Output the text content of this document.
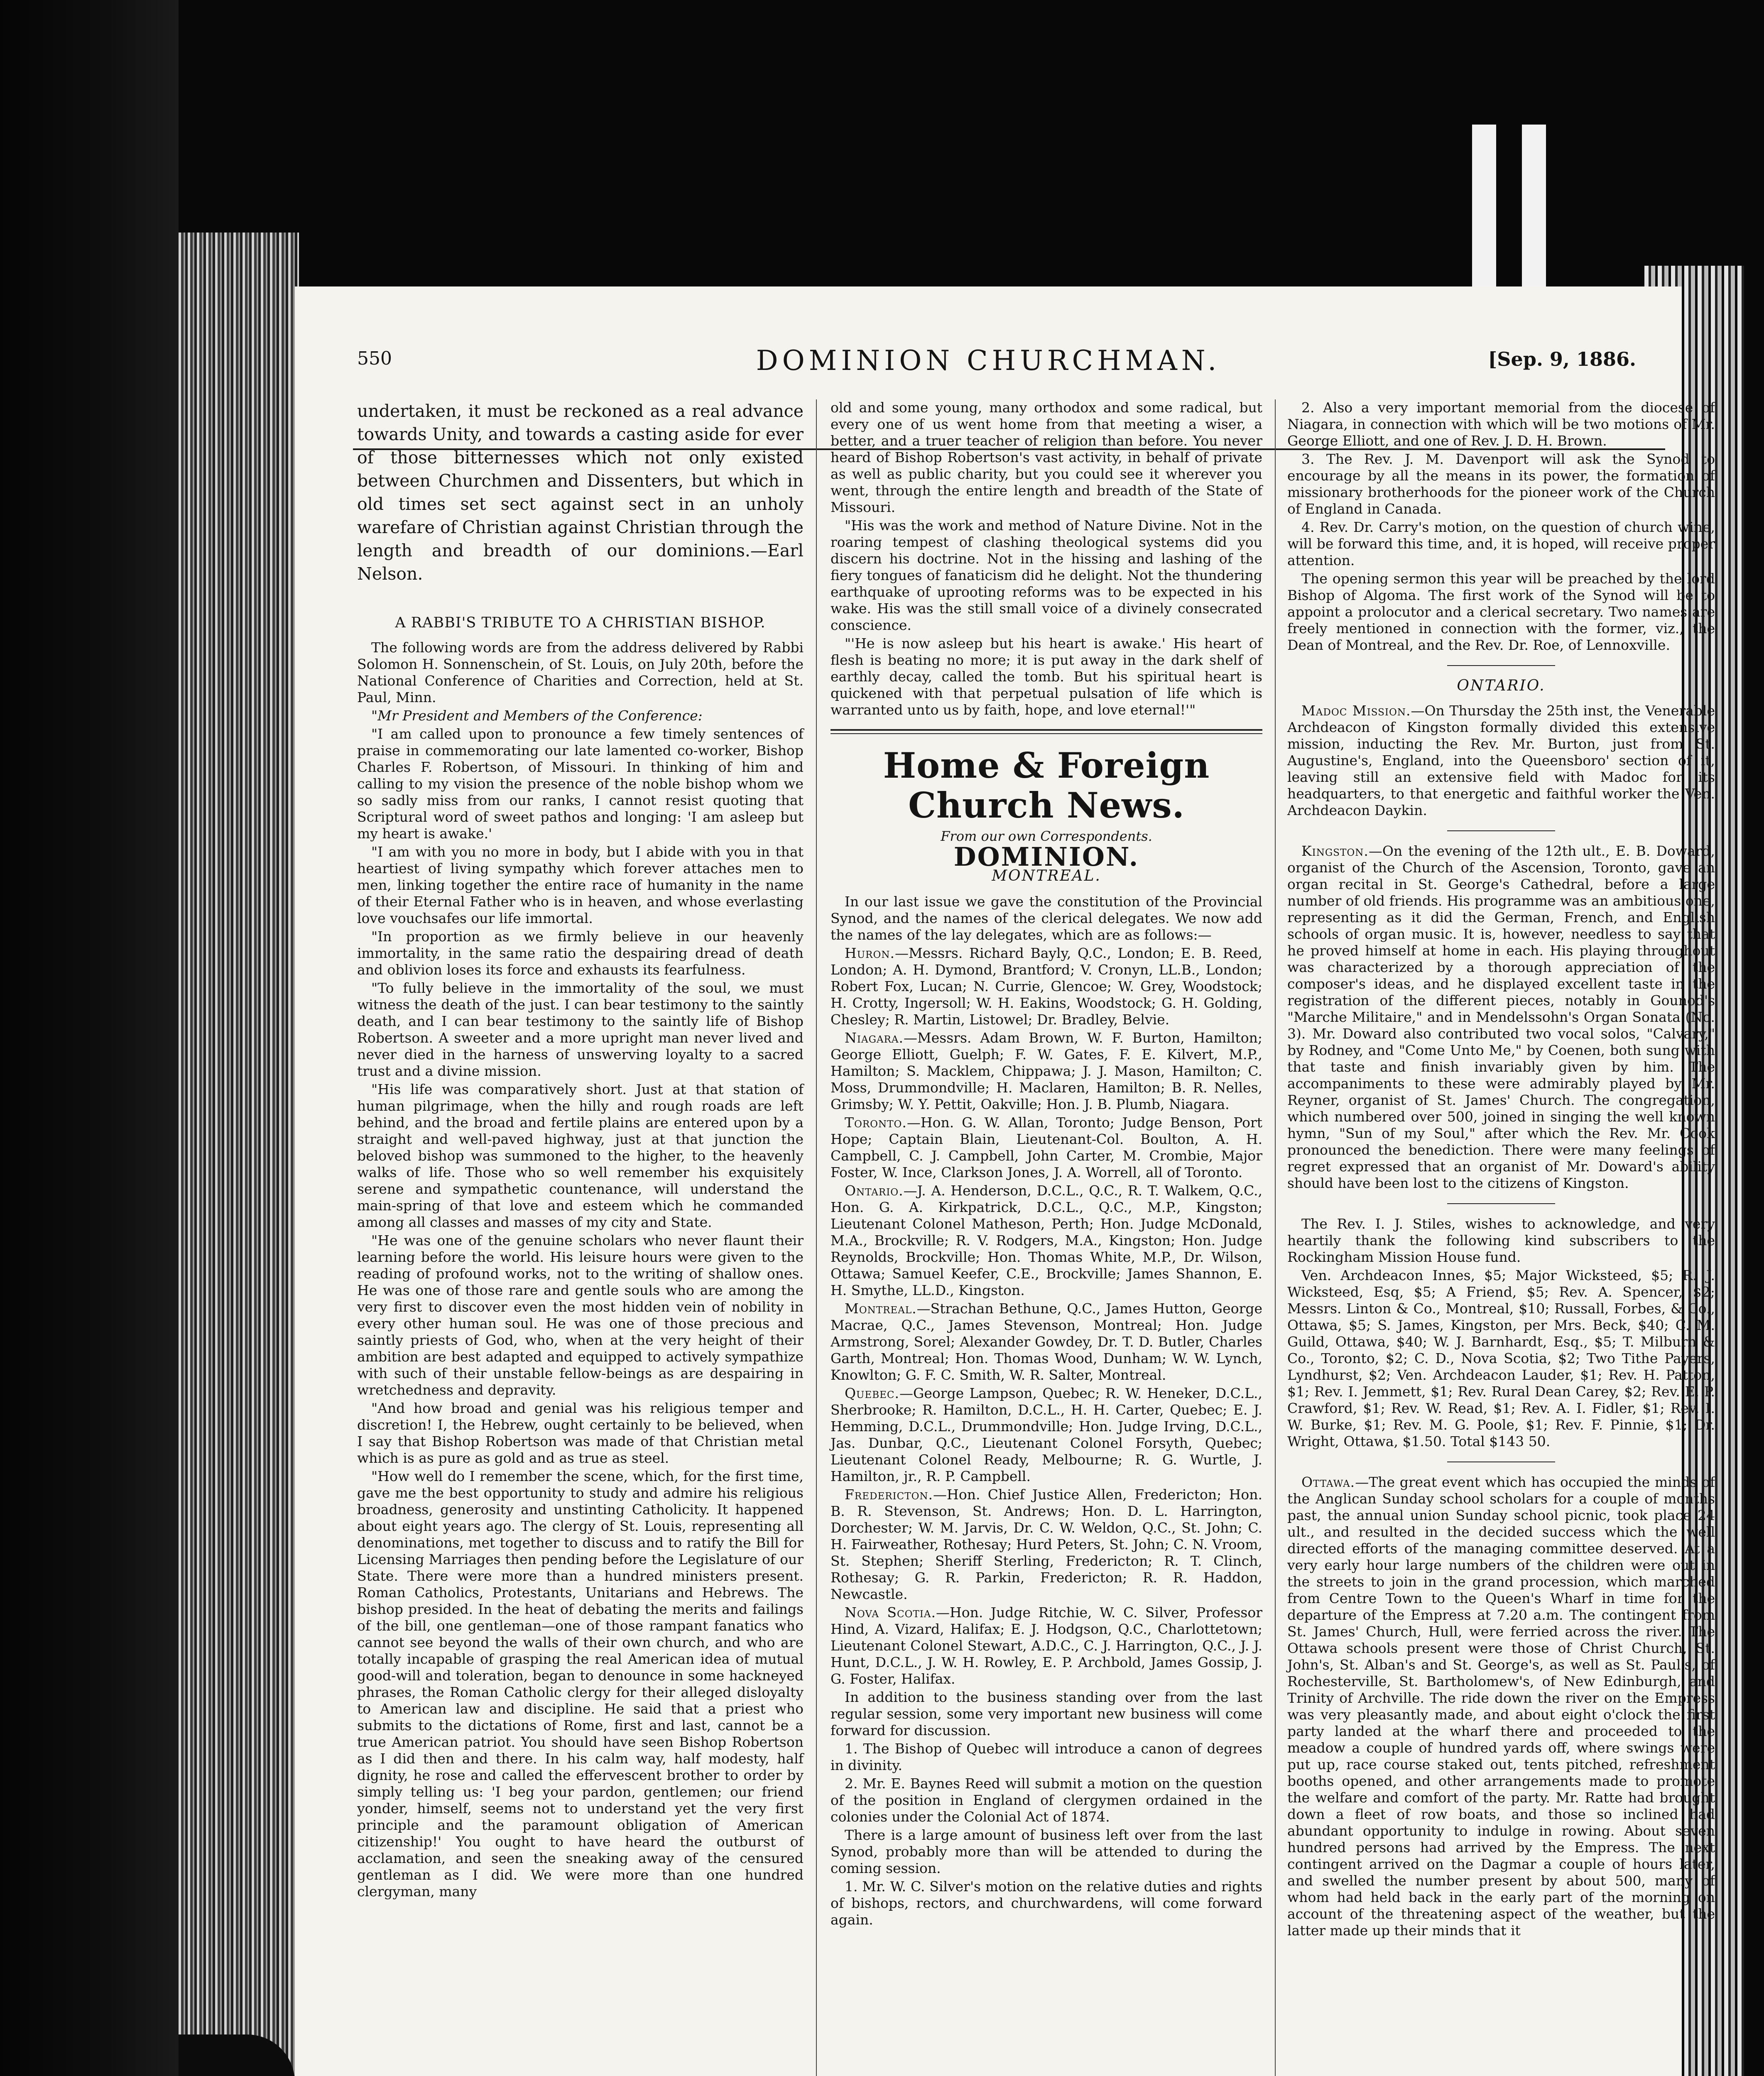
550	DOMINION CHURCHMAN.	[Sep. 9, 1886.

undertaken, it must be reckoned as a real advance towards Unity, and towards a casting aside for ever of those bitternesses which not only existed between Churchmen and Dissenters, but which in old times set sect against sect in an unholy warefare of Christian against Christian through the length and breadth of our dominions.—Earl Nelson.

A RABBI'S TRIBUTE TO A CHRISTIAN BISHOP.

The following words are from the address delivered by Rabbi Solomon H. Sonnenschein, of St. Louis, on July 20th, before the National Conference of Charities and Correction, held at St. Paul, Minn.

"Mr President and Members of the Conference:

"I am called upon to pronounce a few timely sentences of praise in commemorating our late lamented co-worker, Bishop Charles F. Robertson, of Missouri. In thinking of him and calling to my vision the presence of the noble bishop whom we so sadly miss from our ranks, I cannot resist quoting that Scriptural word of sweet pathos and longing: 'I am asleep but my heart is awake.'

"I am with you no more in body, but I abide with you in that heartiest of living sympathy which forever attaches men to men, linking together the entire race of humanity in the name of their Eternal Father who is in heaven, and whose everlasting love vouchsafes our life immortal.

"In proportion as we firmly believe in our heavenly immortality, in the same ratio the despairing dread of death and oblivion loses its force and exhausts its fearfulness.

"To fully believe in the immortality of the soul, we must witness the death of the just. I can bear testimony to the saintly death, and I can bear testimony to the saintly life of Bishop Robertson. A sweeter and a more upright man never lived and never died in the harness of unswerving loyalty to a sacred trust and a divine mission.

"His life was comparatively short. Just at that station of human pilgrimage, when the hilly and rough roads are left behind, and the broad and fertile plains are entered upon by a straight and well-paved highway, just at that junction the beloved bishop was summoned to the higher, to the heavenly walks of life. Those who so well remember his exquisitely serene and sympathetic countenance, will understand the main-spring of that love and esteem which he commanded among all classes and masses of my city and State.

"He was one of the genuine scholars who never flaunt their learning before the world. His leisure hours were given to the reading of profound works, not to the writing of shallow ones. He was one of those rare and gentle souls who are among the very first to discover even the most hidden vein of nobility in every other human soul. He was one of those precious and saintly priests of God, who, when at the very height of their ambition are best adapted and equipped to actively sympathize with such of their unstable fellow-beings as are despairing in wretchedness and depravity.

"And how broad and genial was his religious temper and discretion! I, the Hebrew, ought certainly to be believed, when I say that Bishop Robertson was made of that Christian metal which is as pure as gold and as true as steel.

"How well do I remember the scene, which, for the first time, gave me the best opportunity to study and admire his religious broadness, generosity and unstinting Catholicity. It happened about eight years ago. The clergy of St. Louis, representing all denominations, met together to discuss and to ratify the Bill for Licensing Marriages then pending before the Legislature of our State. There were more than a hundred ministers present. Roman Catholics, Protestants, Unitarians and Hebrews. The bishop presided. In the heat of debating the merits and failings of the bill, one gentleman—one of those rampant fanatics who cannot see beyond the walls of their own church, and who are totally incapable of grasping the real American idea of mutual good-will and toleration, began to denounce in some hackneyed phrases, the Roman Catholic clergy for their alleged disloyalty to American law and discipline. He said that a priest who submits to the dictations of Rome, first and last, cannot be a true American patriot. You should have seen Bishop Robertson as I did then and there. In his calm way, half modesty, half dignity, he rose and called the effervescent brother to order by simply telling us: 'I beg your pardon, gentlemen; our friend yonder, himself, seems not to understand yet the very first principle and the paramount obligation of American citizenship!' You ought to have heard the outburst of acclamation, and seen the sneaking away of the censured gentleman as I did. We were more than one hundred clergyman, many

old and some young, many orthodox and some radical, but every one of us went home from that meeting a wiser, a better, and a truer teacher of religion than before. You never heard of Bishop Robertson's vast activity, in behalf of private as well as public charity, but you could see it wherever you went, through the entire length and breadth of the State of Missouri.

"His was the work and method of Nature Divine. Not in the roaring tempest of clashing theological systems did you discern his doctrine. Not in the hissing and lashing of the fiery tongues of fanaticism did he delight. Not the thundering earthquake of uprooting reforms was to be expected in his wake. His was the still small voice of a divinely consecrated conscience.

"'He is now asleep but his heart is awake.' His heart of flesh is beating no more; it is put away in the dark shelf of earthly decay, called the tomb. But his spiritual heart is quickened with that perpetual pulsation of life which is warranted unto us by faith, hope, and love eternal!'"

Home & Foreign Church News.
From our own Correspondents.
DOMINION.
MONTREAL.

In our last issue we gave the constitution of the Provincial Synod, and the names of the clerical delegates. We now add the names of the lay delegates, which are as follows:—

Huron.—Messrs. Richard Bayly, Q.C., London; E. B. Reed, London; A. H. Dymond, Brantford; V. Cronyn, LL.B., London; Robert Fox, Lucan; N. Currie, Glencoe; W. Grey, Woodstock; H. Crotty, Ingersoll; W. H. Eakins, Woodstock; G. H. Golding, Chesley; R. Martin, Listowel; Dr. Bradley, Belvie.

Niagara.—Messrs. Adam Brown, W. F. Burton, Hamilton; George Elliott, Guelph; F. W. Gates, F. E. Kilvert, M.P., Hamilton; S. Macklem, Chippawa; J. J. Mason, Hamilton; C. Moss, Drummondville; H. Maclaren, Hamilton; B. R. Nelles, Grimsby; W. Y. Pettit, Oakville; Hon. J. B. Plumb, Niagara.

Toronto.—Hon. G. W. Allan, Toronto; Judge Benson, Port Hope; Captain Blain, Lieutenant-Col. Boulton, A. H. Campbell, C. J. Campbell, John Carter, M. Crombie, Major Foster, W. Ince, Clarkson Jones, J. A. Worrell, all of Toronto.

Ontario.—J. A. Henderson, D.C.L., Q.C., R. T. Walkem, Q.C., Hon. G. A. Kirkpatrick, D.C.L., Q.C., M.P., Kingston; Lieutenant Colonel Matheson, Perth; Hon. Judge McDonald, M.A., Brockville; R. V. Rodgers, M.A., Kingston; Hon. Judge Reynolds, Brockville; Hon. Thomas White, M.P., Dr. Wilson, Ottawa; Samuel Keefer, C.E., Brockville; James Shannon, E. H. Smythe, LL.D., Kingston.

Montreal.—Strachan Bethune, Q.C., James Hutton, George Macrae, Q.C., James Stevenson, Montreal; Hon. Judge Armstrong, Sorel; Alexander Gowdey, Dr. T. D. Butler, Charles Garth, Montreal; Hon. Thomas Wood, Dunham; W. W. Lynch, Knowlton; G. F. C. Smith, W. R. Salter, Montreal.

Quebec.—George Lampson, Quebec; R. W. Heneker, D.C.L., Sherbrooke; R. Hamilton, D.C.L., H. H. Carter, Quebec; E. J. Hemming, D.C.L., Drummondville; Hon. Judge Irving, D.C.L., Jas. Dunbar, Q.C., Lieutenant Colonel Forsyth, Quebec; Lieutenant Colonel Ready, Melbourne; R. G. Wurtle, J. Hamilton, jr., R. P. Campbell.

Fredericton.—Hon. Chief Justice Allen, Fredericton; Hon. B. R. Stevenson, St. Andrews; Hon. D. L. Harrington, Dorchester; W. M. Jarvis, Dr. C. W. Weldon, Q.C., St. John; C. H. Fairweather, Rothesay; Hurd Peters, St. John; C. N. Vroom, St. Stephen; Sheriff Sterling, Fredericton; R. T. Clinch, Rothesay; G. R. Parkin, Fredericton; R. R. Haddon, Newcastle.

Nova Scotia.—Hon. Judge Ritchie, W. C. Silver, Professor Hind, A. Vizard, Halifax; E. J. Hodgson, Q.C., Charlottetown; Lieutenant Colonel Stewart, A.D.C., C. J. Harrington, Q.C., J. J. Hunt, D.C.L., J. W. H. Rowley, E. P. Archbold, James Gossip, J. G. Foster, Halifax.

In addition to the business standing over from the last regular session, some very important new business will come forward for discussion.

1. The Bishop of Quebec will introduce a canon of degrees in divinity.

2. Mr. E. Baynes Reed will submit a motion on the question of the position in England of clergymen ordained in the colonies under the Colonial Act of 1874.

There is a large amount of business left over from the last Synod, probably more than will be attended to during the coming session.

1. Mr. W. C. Silver's motion on the relative duties and rights of bishops, rectors, and churchwardens, will come forward again.

2. Also a very important memorial from the diocese of Niagara, in connection with which will be two motions of Mr. George Elliott, and one of Rev. J. D. H. Brown.

3. The Rev. J. M. Davenport will ask the Synod to encourage by all the means in its power, the formation of missionary brotherhoods for the pioneer work of the Church of England in Canada.

4. Rev. Dr. Carry's motion, on the question of church wine, will be forward this time, and, it is hoped, will receive proper attention.

The opening sermon this year will be preached by the lord Bishop of Algoma. The first work of the Synod will be to appoint a prolocutor and a clerical secretary. Two names are freely mentioned in connection with the former, viz., the Dean of Montreal, and the Rev. Dr. Roe, of Lennoxville.

ONTARIO.

Madoc Mission.—On Thursday the 25th inst, the Venerable Archdeacon of Kingston formally divided this extensive mission, inducting the Rev. Mr. Burton, just from St. Augustine's, England, into the Queensboro' section of it, leaving still an extensive field with Madoc for its headquarters, to that energetic and faithful worker the Ven. Archdeacon Daykin.

Kingston.—On the evening of the 12th ult., E. B. Doward, organist of the Church of the Ascension, Toronto, gave an organ recital in St. George's Cathedral, before a large number of old friends. His programme was an ambitious one, representing as it did the German, French, and English schools of organ music. It is, however, needless to say that he proved himself at home in each. His playing throughout was characterized by a thorough appreciation of the composer's ideas, and he displayed excellent taste in the registration of the different pieces, notably in Gounod's "Marche Militaire," and in Mendelssohn's Organ Sonata (No. 3). Mr. Doward also contributed two vocal solos, "Calvary," by Rodney, and "Come Unto Me," by Coenen, both sung with that taste and finish invariably given by him. The accompaniments to these were admirably played by Mr. Reyner, organist of St. James' Church. The congregation, which numbered over 500, joined in singing the well known hymn, "Sun of my Soul," after which the Rev. Mr. Cook pronounced the benediction. There were many feelings of regret expressed that an organist of Mr. Doward's ability should have been lost to the citizens of Kingston.

The Rev. I. J. Stiles, wishes to acknowledge, and very heartily thank the following kind subscribers to the Rockingham Mission House fund.

Ven. Archdeacon Innes, $5; Major Wicksteed, $5; R. J. Wicksteed, Esq, $5; A Friend, $5; Rev. A. Spencer, $2; Messrs. Linton & Co., Montreal, $10; Russall, Forbes, & Co., Ottawa, $5; S. James, Kingston, per Mrs. Beck, $40; C. M. Guild, Ottawa, $40; W. J. Barnhardt, Esq., $5; T. Milburn & Co., Toronto, $2; C. D., Nova Scotia, $2; Two Tithe Payers, Lyndhurst, $2; Ven. Archdeacon Lauder, $1; Rev. H. Patton, $1; Rev. I. Jemmett, $1; Rev. Rural Dean Carey, $2; Rev. E. P. Crawford, $1; Rev. W. Read, $1; Rev. A. I. Fidler, $1; Rev. I. W. Burke, $1; Rev. M. G. Poole, $1; Rev. F. Pinnie, $1; Dr. Wright, Ottawa, $1.50. Total $143 50.

Ottawa.—The great event which has occupied the minds of the Anglican Sunday school scholars for a couple of months past, the annual union Sunday school picnic, took place 24 ult., and resulted in the decided success which the well directed efforts of the managing committee deserved. At a very early hour large numbers of the children were out in the streets to join in the grand procession, which marched from Centre Town to the Queen's Wharf in time for the departure of the Empress at 7.20 a.m. The contingent from St. James' Church, Hull, were ferried across the river. The Ottawa schools present were those of Christ Church, St. John's, St. Alban's and St. George's, as well as St. Paul's, of Rochesterville, St. Bartholomew's, of New Edinburgh, and Trinity of Archville. The ride down the river on the Empress was very pleasantly made, and about eight o'clock the first party landed at the wharf there and proceeded to the meadow a couple of hundred yards off, where swings were put up, race course staked out, tents pitched, refreshment booths opened, and other arrangements made to promote the welfare and comfort of the party. Mr. Ratte had brought down a fleet of row boats, and those so inclined had abundant opportunity to indulge in rowing. About seven hundred persons had arrived by the Empress. The next contingent arrived on the Dagmar a couple of hours later, and swelled the number present by about 500, many of whom had held back in the early part of the morning on account of the threatening aspect of the weather, but the latter made up their minds that it
